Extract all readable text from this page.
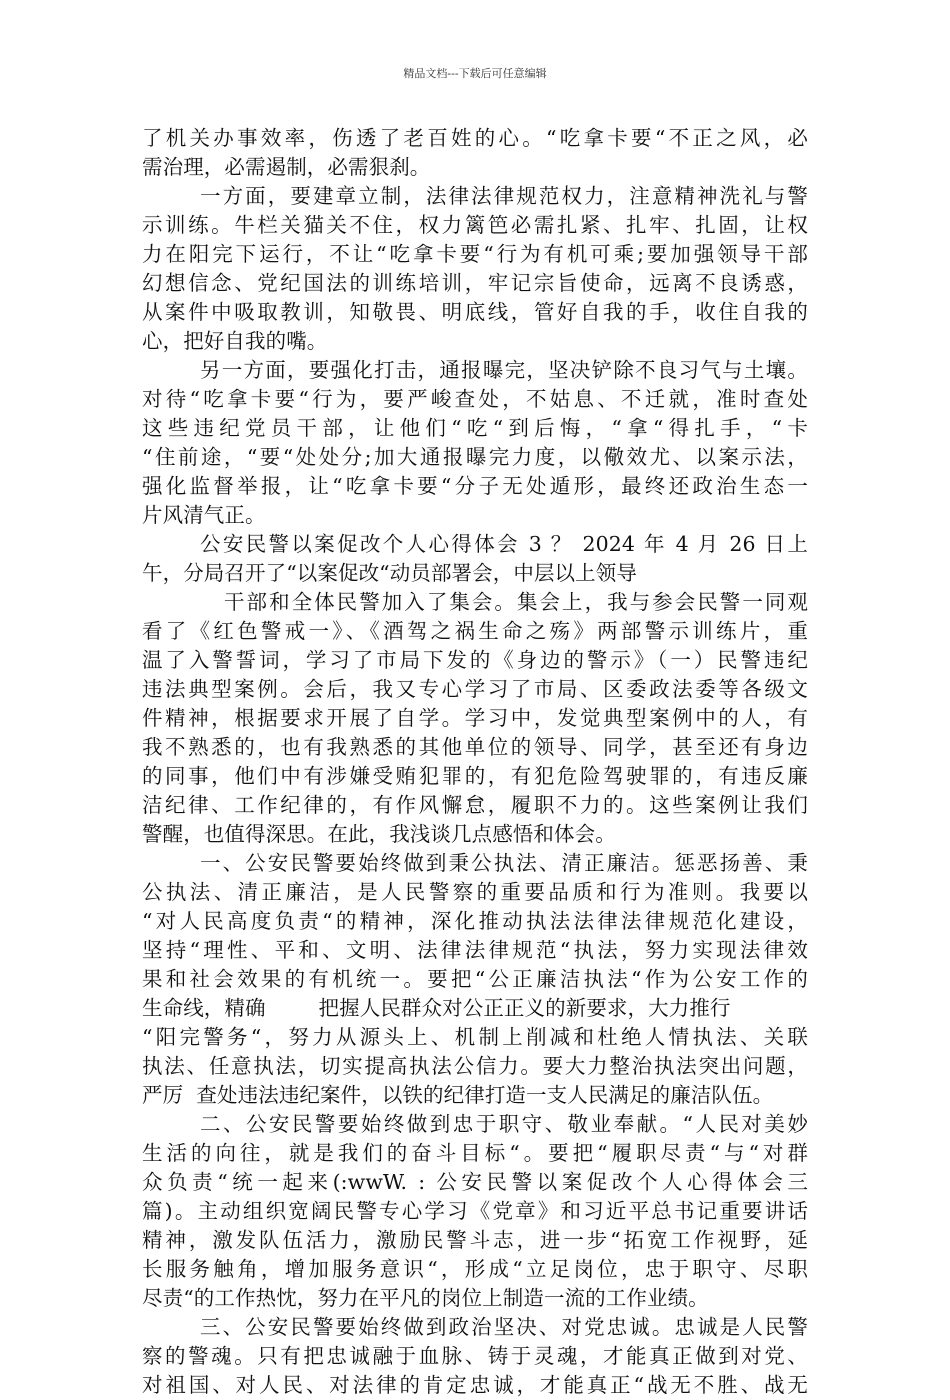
精品文档---下载后可任意编辑
了机关办事效率，伤透了老百姓的心。“吃拿卡要“不正之风，必
需治理，必需遏制，必需狠刹。
一方面，要建章立制，法律法律规范权力，注意精神洗礼与警
示训练。牛栏关猫关不住，权力篱笆必需扎紧、扎牢、扎固，让权
力在阳完下运行，不让“吃拿卡要“行为有机可乘;要加强领导干部
幻想信念、党纪国法的训练培训，牢记宗旨使命，远离不良诱惑，
从案件中吸取教训，知敬畏、明底线，管好自我的手，收住自我的
心，把好自我的嘴。
另一方面，要强化打击，通报曝完，坚决铲除不良习气与土壤。
对待“吃拿卡要“行为，要严峻查处，不姑息、不迁就，准时查处
这些违纪党员干部，让他们“吃“到后悔，“拿“得扎手，“卡
“住前途，“要“处处分;加大通报曝完力度，以儆效尤、以案示法，
强化监督举报，让“吃拿卡要“分子无处遁形，最终还政治生态一
片风清气正。
公安民警以案促改个人心得体会 3 ？ 2024 年 4 月 26 日上
午，分局召开了“以案促改“动员部署会，中层以上领导
干部和全体民警加入了集会。集会上，我与参会民警一同观
看了《红色警戒一》、《酒驾之祸生命之殇》两部警示训练片，重
温了入警誓词，学习了市局下发的《身边的警示》（一）民警违纪
违法典型案例。会后，我又专心学习了市局、区委政法委等各级文
件精神，根据要求开展了自学。学习中，发觉典型案例中的人，有
我不熟悉的，也有我熟悉的其他单位的领导、同学，甚至还有身边
的同事，他们中有涉嫌受贿犯罪的，有犯危险驾驶罪的，有违反廉
洁纪律、工作纪律的，有作风懈怠，履职不力的。这些案例让我们
警醒，也值得深思。在此，我浅谈几点感悟和体会。
一、公安民警要始终做到秉公执法、清正廉洁。惩恶扬善、秉
公执法、清正廉洁，是人民警察的重要品质和行为准则。我要以
“对人民高度负责“的精神，深化推动执法法律法律规范化建设，
坚持“理性、平和、文明、法律法律规范“执法，努力实现法律效
果和社会效果的有机统一。要把“公正廉洁执法“作为公安工作的
生命线，精确        把握人民群众对公正正义的新要求，大力推行
“阳完警务“，努力从源头上、机制上削减和杜绝人情执法、关联
执法、任意执法，切实提高执法公信力。要大力整治执法突出问题，
严厉  查处违法违纪案件，以铁的纪律打造一支人民满足的廉洁队伍。
二、公安民警要始终做到忠于职守、敬业奉献。“人民对美妙
生活的向往，就是我们的奋斗目标“。要把“履职尽责“与“对群
众负责“统一起来(:wwW. : 公安民警以案促改个人心得体会三
篇)。主动组织宽阔民警专心学习《党章》和习近平总书记重要讲话
精神，激发队伍活力，激励民警斗志，进一步“拓宽工作视野，延
长服务触角，增加服务意识“，形成“立足岗位，忠于职守、尽职
尽责“的工作热忱，努力在平凡的岗位上制造一流的工作业绩。
三、公安民警要始终做到政治坚决、对党忠诚。忠诚是人民警
察的警魂。只有把忠诚融于血脉、铸于灵魂，才能真正做到对党、
对祖国、对人民、对法律的肯定忠诚，才能真正“战无不胜、战无
